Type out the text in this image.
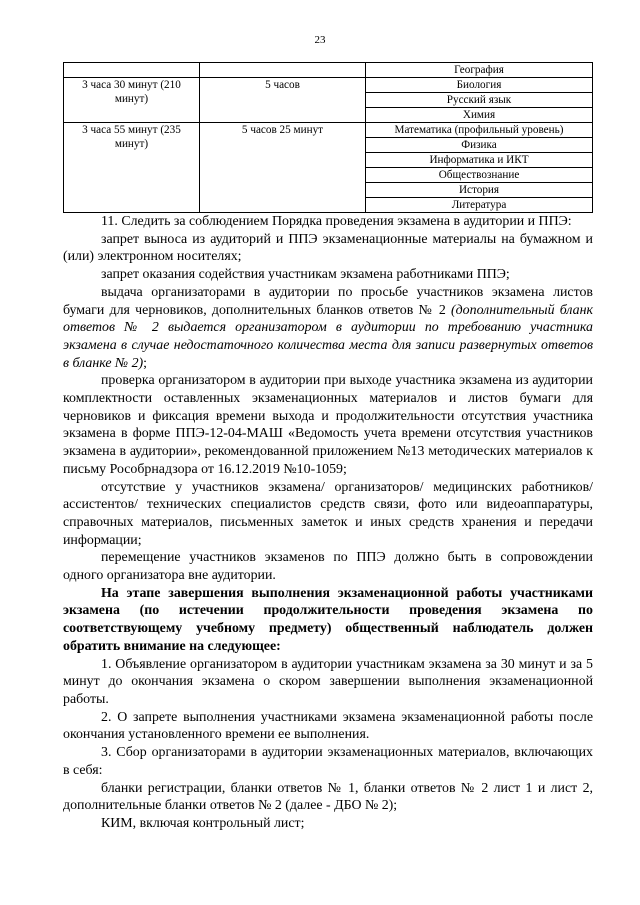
23
		География
3 часа 30 минут (210 минут)	5 часов	Биология
		Русский язык
		Химия
3 часа 55 минут (235 минут)	5 часов 25 минут	Математика (профильный уровень)
		Физика
		Информатика и ИКТ
		Обществознание
		История
		Литература

11. Следить за соблюдением Порядка проведения экзамена в аудитории и ППЭ:

запрет выноса из аудиторий и ППЭ экзаменационные материалы на бумажном и (или) электронном носителях;

запрет оказания содействия участникам экзамена работниками ППЭ;

выдача организаторами в аудитории по просьбе участников экзамена листов бумаги для черновиков, дополнительных бланков ответов № 2 (дополнительный бланк ответов № 2 выдается организатором в аудитории по требованию участника экзамена в случае недостаточного количества места для записи развернутых ответов в бланке № 2);

проверка организатором в аудитории при выходе участника экзамена из аудитории комплектности оставленных экзаменационных материалов и листов бумаги для черновиков и фиксация времени выхода и продолжительности отсутствия участника экзамена в форме ППЭ-12-04-МАШ «Ведомость учета времени отсутствия участников экзамена в аудитории», рекомендованной приложением №13 методических материалов к письму Рособрнадзора от 16.12.2019 №10-1059;

отсутствие у участников экзамена/ организаторов/ медицинских работников/ ассистентов/ технических специалистов средств связи, фото или видеоаппаратуры, справочных материалов, письменных заметок и иных средств хранения и передачи информации;

перемещение участников экзаменов по ППЭ должно быть в сопровождении одного организатора вне аудитории.

На этапе завершения выполнения экзаменационной работы участниками экзамена (по истечении продолжительности проведения экзамена по соответствующему учебному предмету) общественный наблюдатель должен обратить внимание на следующее:

1. Объявление организатором в аудитории участникам экзамена за 30 минут и за 5 минут до окончания экзамена о скором завершении выполнения экзаменационной работы.

2. О запрете выполнения участниками экзамена экзаменационной работы после окончания установленного времени ее выполнения.

3. Сбор организаторами в аудитории экзаменационных материалов, включающих в себя:

бланки регистрации, бланки ответов № 1, бланки ответов № 2 лист 1 и лист 2, дополнительные бланки ответов № 2 (далее - ДБО № 2);

КИМ, включая контрольный лист;
